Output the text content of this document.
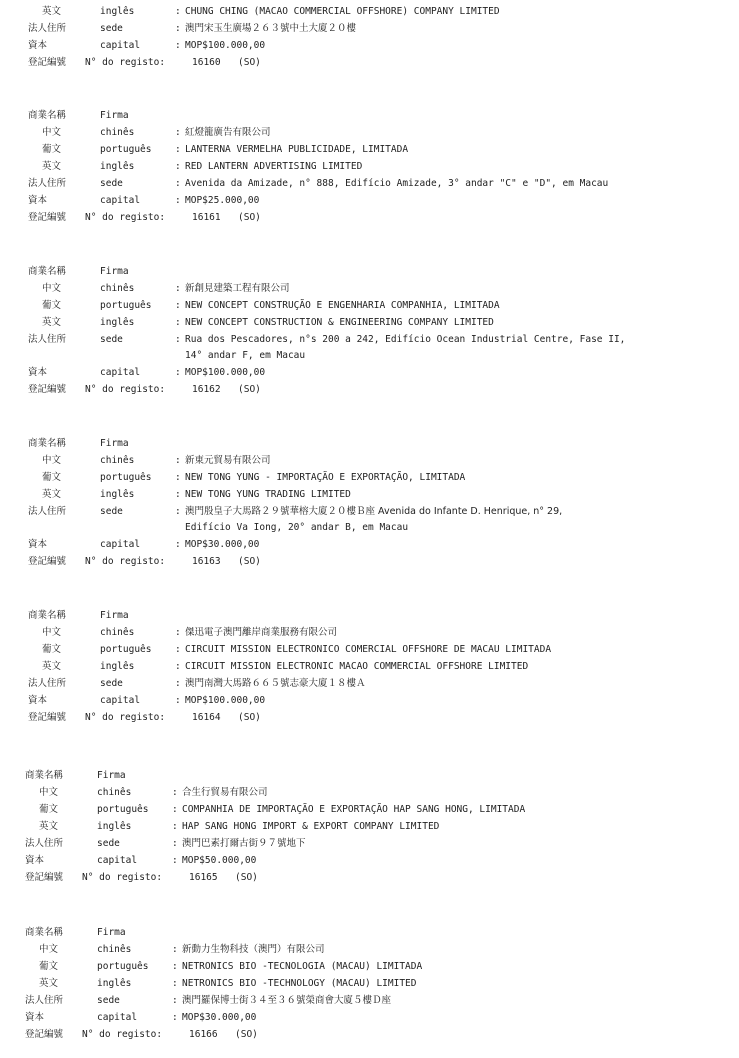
英文	inglês	: CHUNG CHING (MACAO COMMERCIAL OFFSHORE) COMPANY LIMITED
法人住所	sede	: 澳門宋玉生廣場２６３號中土大廈２０樓
資本	capital	: MOP$100.000,00
登記編號 N° do registo:	16160 (SO)
商業名稱	Firma
中文	chinês	: 紅燈籠廣告有限公司
葡文	português : LANTERNA VERMELHA PUBLICIDADE, LIMITADA
英文	inglês	: RED LANTERN ADVERTISING LIMITED
法人住所	sede	: Avenida da Amizade, n° 888, Edifício Amizade, 3° andar "C" e "D", em Macau
資本	capital	: MOP$25.000,00
登記編號 N° do registo:	16161 (SO)
商業名稱	Firma
中文	chinês	: 新創見建築工程有限公司
葡文	português : NEW CONCEPT CONSTRUÇÃO E ENGENHARIA COMPANHIA, LIMITADA
英文	inglês	: NEW CONCEPT CONSTRUCTION & ENGINEERING COMPANY LIMITED
法人住所	sede	: Rua dos Pescadores, n°s 200 a 242, Edifício Ocean Industrial Centre, Fase II,
14° andar F, em Macau
資本	capital	: MOP$100.000,00
登記編號 N° do registo:	16162 (SO)
商業名稱	Firma
中文	chinês	: 新東元貿易有限公司
葡文	português : NEW TONG YUNG - IMPORTAÇÃO E EXPORTAÇÃO, LIMITADA
英文	inglês	: NEW TONG YUNG TRADING LIMITED
法人住所	sede	: 澳門殷皇子大馬路２９號華榕大廈２０樓Ｂ座 Avenida do Infante D. Henrique, n° 29,
Edifício Va Iong, 20° andar B, em Macau
資本	capital	: MOP$30.000,00
登記編號 N° do registo:	16163 (SO)
商業名稱	Firma
中文	chinês	: 傑迅電子澳門離岸商業服務有限公司
葡文	português : CIRCUIT MISSION ELECTRONICO COMERCIAL OFFSHORE DE MACAU LIMITADA
英文	inglês	: CIRCUIT MISSION ELECTRONIC MACAO COMMERCIAL OFFSHORE LIMITED
法人住所	sede	: 澳門南灣大馬路６６５號志豪大廈１８樓Ａ
資本	capital	: MOP$100.000,00
登記編號 N° do registo:	16164 (SO)
商業名稱	Firma
中文	chinês	: 合生行貿易有限公司
葡文	português : COMPANHIA DE IMPORTAÇÃO E EXPORTAÇÃO HAP SANG HONG, LIMITADA
英文	inglês	: HAP SANG HONG IMPORT & EXPORT COMPANY LIMITED
法人住所	sede	: 澳門巴素打爾古街９７號地下
資本	capital	: MOP$50.000,00
登記編號 N° do registo:	16165 (SO)
商業名稱	Firma
中文	chinês	: 新動力生物科技（澳門）有限公司
葡文	português : NETRONICS BIO -TECNOLOGIA (MACAU) LIMITADA
英文	inglês	: NETRONICS BIO -TECHNOLOGY (MACAU) LIMITED
法人住所	sede	: 澳門羅保博士街３４至３６號榮商會大廈５樓Ｄ座
資本	capital	: MOP$30.000,00
登記編號 N° do registo:	16166 (SO)
